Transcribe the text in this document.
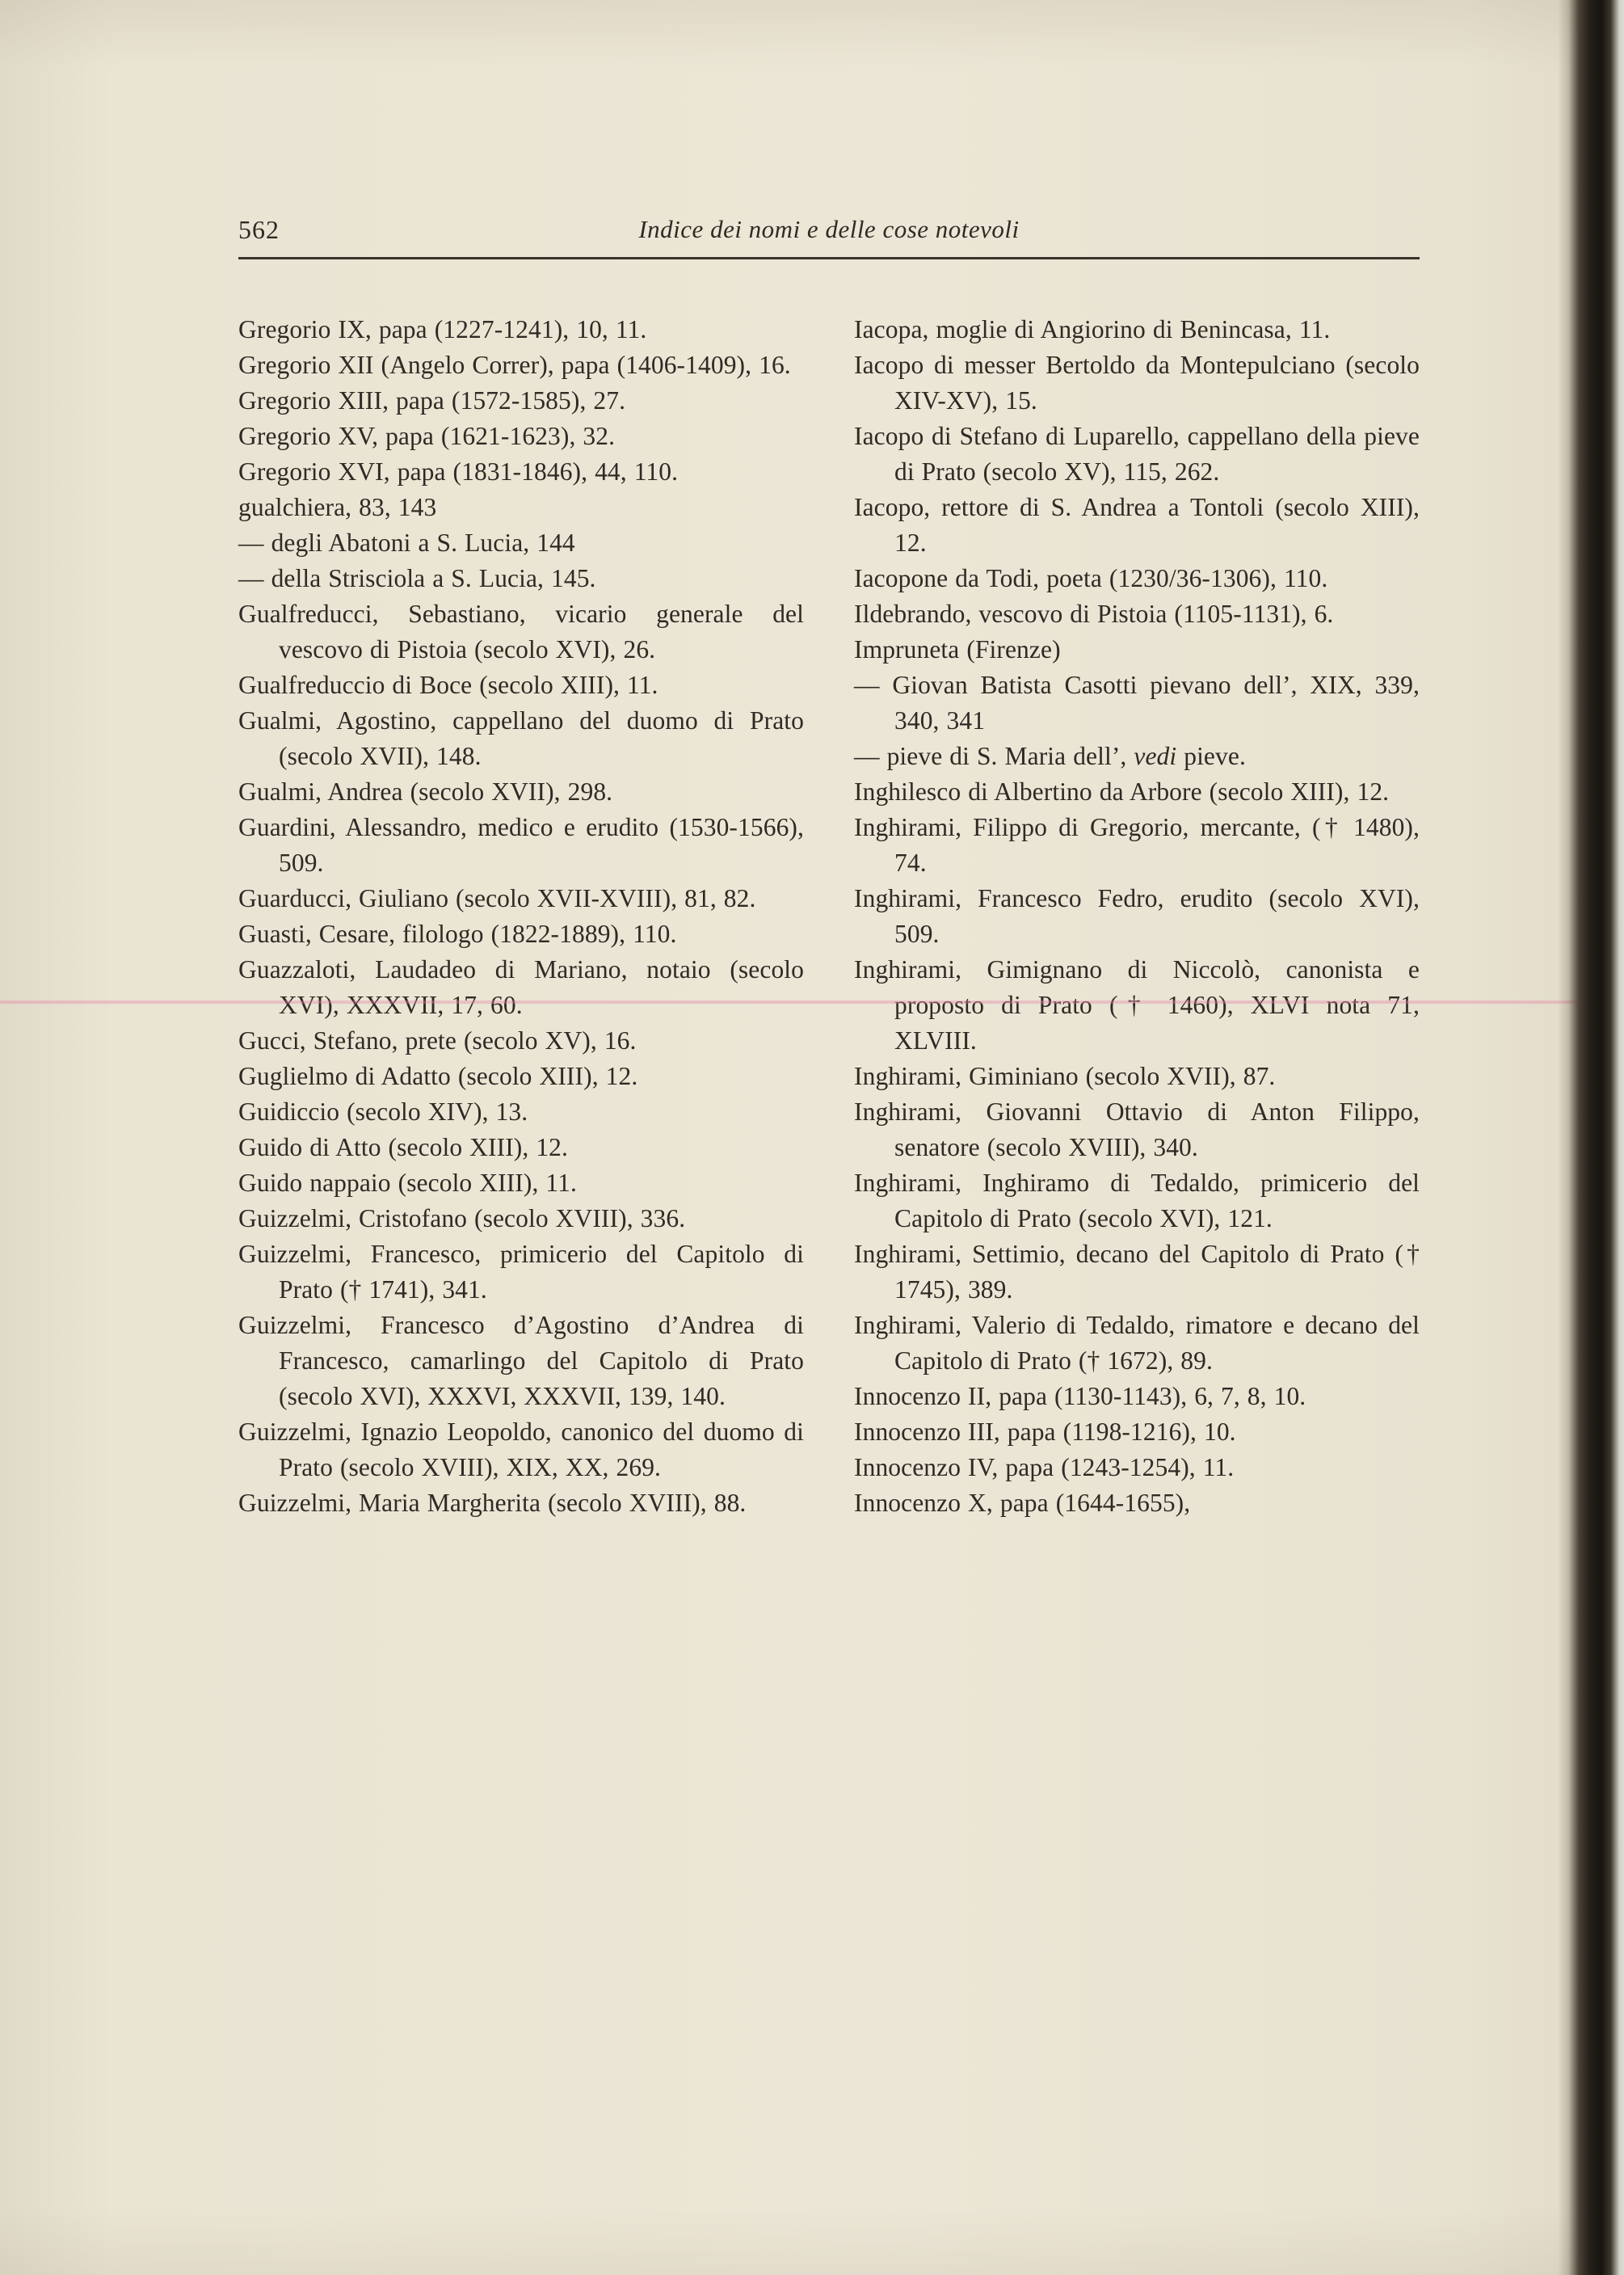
562	Indice dei nomi e delle cose notevoli

Gregorio IX, papa (1227-1241), 10, 11.

Gregorio XII (Angelo Correr), papa (1406-1409), 16.

Gregorio XIII, papa (1572-1585), 27.

Gregorio XV, papa (1621-1623), 32.

Gregorio XVI, papa (1831-1846), 44, 110.

gualchiera, 83, 143

— degli Abatoni a S. Lucia, 144

— della Strisciola a S. Lucia, 145.

Gualfreducci, Sebastiano, vicario generale del vescovo di Pistoia (secolo XVI), 26.

Gualfreduccio di Boce (secolo XIII), 11.

Gualmi, Agostino, cappellano del duomo di Prato (secolo XVII), 148.

Gualmi, Andrea (secolo XVII), 298.

Guardini, Alessandro, medico e erudito (1530-1566), 509.

Guarducci, Giuliano (secolo XVII-XVIII), 81, 82.

Guasti, Cesare, filologo (1822-1889), 110.

Guazzaloti, Laudadeo di Mariano, notaio (secolo XVI), XXXVII, 17, 60.

Gucci, Stefano, prete (secolo XV), 16.

Guglielmo di Adatto (secolo XIII), 12.

Guidiccio (secolo XIV), 13.

Guido di Atto (secolo XIII), 12.

Guido nappaio (secolo XIII), 11.

Guizzelmi, Cristofano (secolo XVIII), 336.

Guizzelmi, Francesco, primicerio del Capitolo di Prato († 1741), 341.

Guizzelmi, Francesco d’Agostino d’Andrea di Francesco, camarlingo del Capitolo di Prato (secolo XVI), XXXVI, XXXVII, 139, 140.

Guizzelmi, Ignazio Leopoldo, canonico del duomo di Prato (secolo XVIII), XIX, XX, 269.

Guizzelmi, Maria Margherita (secolo XVIII), 88.

Iacopa, moglie di Angiorino di Benincasa, 11.

Iacopo di messer Bertoldo da Montepulciano (secolo XIV-XV), 15.

Iacopo di Stefano di Luparello, cappellano della pieve di Prato (secolo XV), 115, 262.

Iacopo, rettore di S. Andrea a Tontoli (secolo XIII), 12.

Iacopone da Todi, poeta (1230/36-1306), 110.

Ildebrando, vescovo di Pistoia (1105-1131), 6.

Impruneta (Firenze)

— Giovan Batista Casotti pievano dell’, XIX, 339, 340, 341

— pieve di S. Maria dell’, vedi pieve.

Inghilesco di Albertino da Arbore (secolo XIII), 12.

Inghirami, Filippo di Gregorio, mercante, († 1480), 74.

Inghirami, Francesco Fedro, erudito (secolo XVI), 509.

Inghirami, Gimignano di Niccolò, canonista e proposto di Prato († 1460), XLVI nota 71, XLVIII.

Inghirami, Giminiano (secolo XVII), 87.

Inghirami, Giovanni Ottavio di Anton Filippo, senatore (secolo XVIII), 340.

Inghirami, Inghiramo di Tedaldo, primicerio del Capitolo di Prato (secolo XVI), 121.

Inghirami, Settimio, decano del Capitolo di Prato († 1745), 389.

Inghirami, Valerio di Tedaldo, rimatore e decano del Capitolo di Prato († 1672), 89.

Innocenzo II, papa (1130-1143), 6, 7, 8, 10.

Innocenzo III, papa (1198-1216), 10.

Innocenzo IV, papa (1243-1254), 11.

Innocenzo X, papa (1644-1655),
